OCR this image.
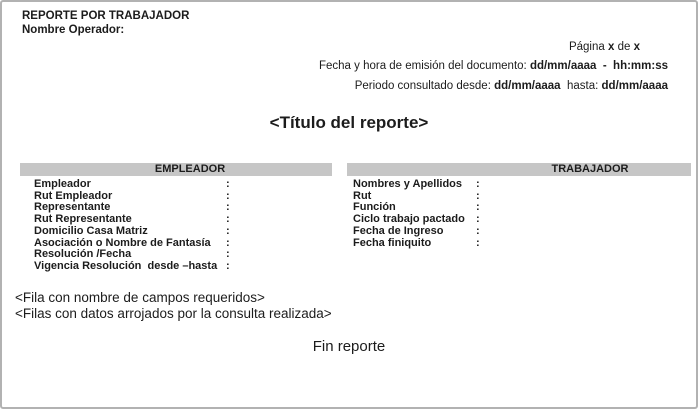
REPORTE POR TRABAJADOR
Nombre Operador:
Página x de x
Fecha y hora de emisión del documento: dd/mm/aaaa - hh:mm:ss
Periodo consultado desde: dd/mm/aaaa hasta: dd/mm/aaaa
<Título del reporte>
EMPLEADOR
Empleador	:
Rut Empleador	:
Representante	:
Rut Representante	:
Domicilio Casa Matriz	:
Asociación o Nombre de Fantasía	:
Resolución /Fecha	:
Vigencia Resolución  desde –hasta :
TRABAJADOR
Nombres y Apellidos	:
Rut	:
Función	:
Ciclo trabajo pactado	:
Fecha de Ingreso	:
Fecha finiquito	:
<Fila con nombre de campos requeridos>
<Filas con datos arrojados por la consulta realizada>
Fin reporte
